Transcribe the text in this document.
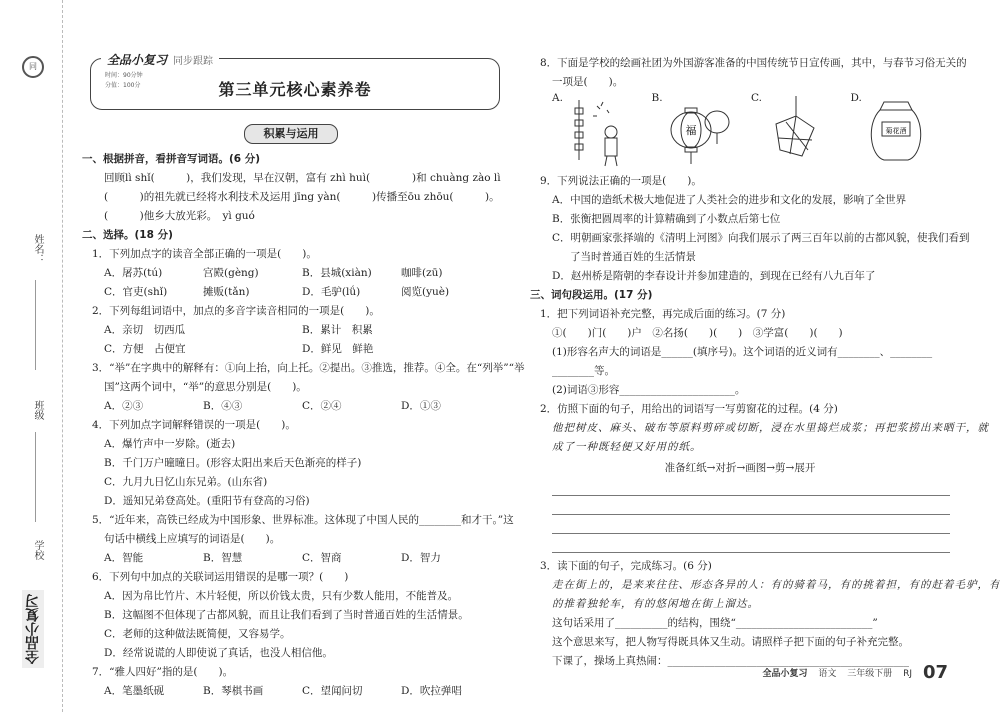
同
姓名：
班级
学校
全品小复习
全品小复习 同步跟踪
时间：90分钟
分值：100分	第三单元核心素养卷
积累与运用
一、根据拼音，看拼音写词语。(6 分)
回顾lì shǐ(　　　)，我们发现，早在汉朝，富有 zhì huì(　　　　)和 chuàng zào lì
(　　　)的祖先就已经将水利技术及运用 jīng yàn(　　　)传播至ōu zhōu(　　　)。
(　　　)他乡大放光彩。　yì guó
二、选择。(18 分)
1．下列加点字的读音全部正确的一项是(　　)。
A．屠苏(tú)	宫殿(gèng)	B．县城(xiàn)	咖啡(zū)
C．官吏(shǐ)	摊贩(tǎn)	D．毛驴(lǘ)	阅览(yuè)
2．下列每组词语中，加点的多音字读音相同的一项是(　　)。
A．亲切　切西瓜	B．累计　积累
C．方便　占便宜	D．鲜见　鲜艳
3．“举”在字典中的解释有：①向上抬，向上托。②提出。③推选，推荐。④全。在“列举”“举
国”这两个词中，“举”的意思分别是(　　)。
A．②③	B．④③	C．②④	D．①③
4．下列加点字词解释错误的一项是(　　)。
A．爆竹声中一岁除。(逝去)
B．千门万户曈曈日。(形容太阳出来后天色渐亮的样子)
C．九月九日忆山东兄弟。(山东省)
D．遥知兄弟登高处。(重阳节有登高的习俗)
5．“近年来，高铁已经成为中国形象、世界标准。这体现了中国人民的________和才干。”这
句话中横线上应填写的词语是(　　)。
A．智能	B．智慧	C．智商	D．智力
6．下列句中加点的关联词运用错误的是哪一项？(　　)
A．因为帛比竹片、木片轻便，所以价钱太贵，只有少数人能用，不能普及。
B．这幅图不但体现了古都风貌，而且让我们看到了当时普通百姓的生活情景。
C．老师的这种做法既简便，又容易学。
D．经常说谎的人即使说了真话，也没人相信他。
7．“雅人四好”指的是(　　)。
A．笔墨纸砚	B．琴棋书画	C．望闻问切	D．吹拉弹唱
8．下面是学校的绘画社团为外国游客准备的中国传统节日宣传画，其中，与春节习俗无关的
一项是(　　)。
A.	B.
福
C.	D.
菊花酒
9．下列说法正确的一项是(　　)。
A．中国的造纸术极大地促进了人类社会的进步和文化的发展，影响了全世界
B．张衡把圆周率的计算精确到了小数点后第七位
C．明朝画家张择端的《清明上河图》向我们展示了两三百年以前的古都风貌，使我们看到
了当时普通百姓的生活情景
D．赵州桥是隋朝的李春设计并参加建造的，到现在已经有八九百年了
三、词句段运用。(17 分)
1．把下列词语补充完整，再完成后面的练习。(7 分)
①(　　)门(　　)户　②名扬(　　)(　　)　③学富(　　)(　　)
(1)形容名声大的词语是______(填序号)。这个词语的近义词有________、________
________等。
(2)词语③形容______________________。
2．仿照下面的句子，用给出的词语写一写剪窗花的过程。(4 分)
他把树皮、麻头、破布等原料剪碎或切断，浸在水里捣烂成浆；再把浆捞出来晒干，就
成了一种既轻便又好用的纸。
准备红纸→对折→画图→剪→展开
3．读下面的句子，完成练习。(6 分)
走在街上的，是来来往往、形态各异的人：有的骑着马，有的挑着担，有的赶着毛驴，有
的推着独轮车，有的悠闲地在街上溜达。
这句话采用了__________的结构，围绕“__________________________”
这个意思来写，把人物写得既具体又生动。请照样子把下面的句子补充完整。
下课了，操场上真热闹：______________________________________________
全品小复习 语文 三年级下册 RJ 07
